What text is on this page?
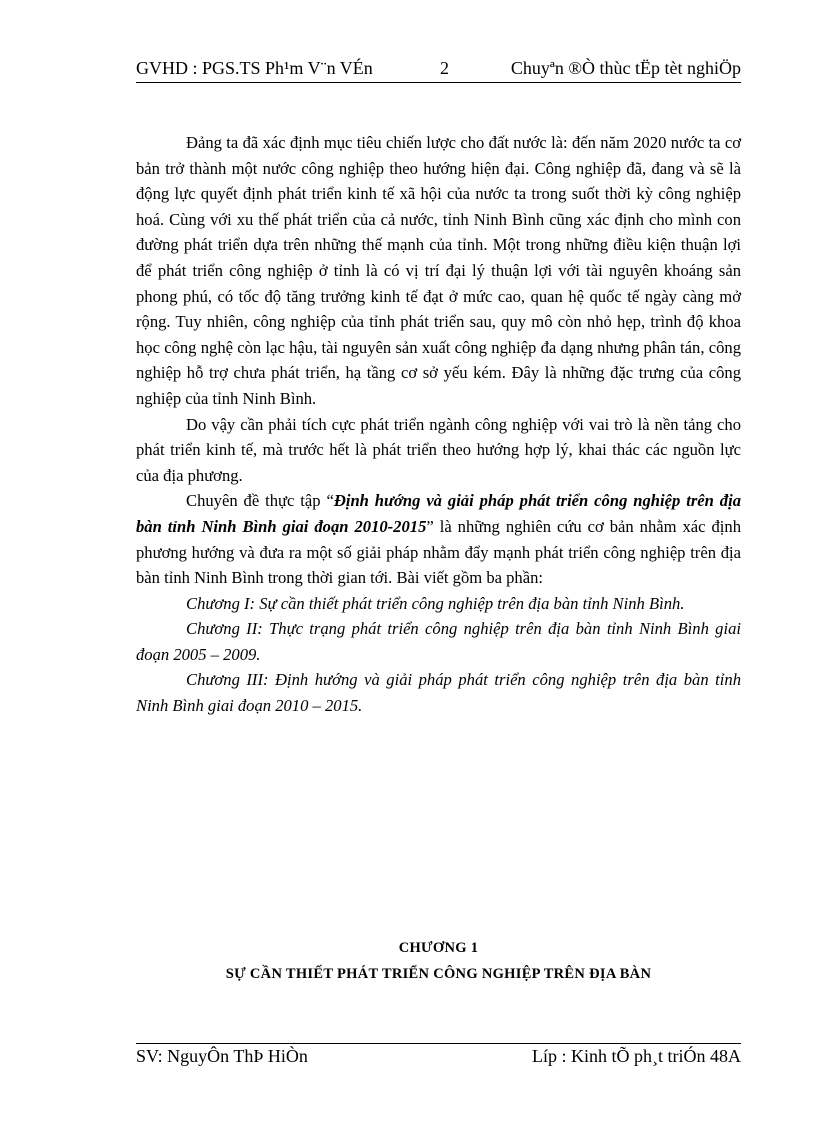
GVHD : PGS.TS Ph¹m V¨n VÉn	2	Chuyªn ®Ò thùc tËp tèt nghiÖp

Đảng ta đã xác định mục tiêu chiến lược cho đất nước là: đến năm 2020 nước ta cơ bản trở thành một nước công nghiệp theo hướng hiện đại. Công nghiệp đã, đang và sẽ là động lực quyết định phát triển kinh tế xã hội của nước ta trong suốt thời kỳ công nghiệp hoá. Cùng với xu thế phát triển của cả nước, tỉnh Ninh Bình cũng xác định cho mình con đường phát triển dựa trên những thế mạnh của tỉnh. Một trong những điều kiện thuận lợi để phát triển công nghiệp ở tỉnh là có vị trí đại lý thuận lợi với tài nguyên khoáng sản phong phú, có tốc độ tăng trưởng kinh tế đạt ở mức cao, quan hệ quốc tế ngày càng mở rộng. Tuy nhiên, công nghiệp của tỉnh phát triển sau, quy mô còn nhỏ hẹp, trình độ khoa học công nghệ còn lạc hậu, tài nguyên sản xuất công nghiệp đa dạng nhưng phân tán, công nghiệp hỗ trợ chưa phát triển, hạ tầng cơ sở yếu kém. Đây là những đặc trưng của công nghiệp của tỉnh Ninh Bình.

Do vậy cần phải tích cực phát triển ngành công nghiệp với vai trò là nền tảng cho phát triển kinh tế, mà trước hết là phát triển theo hướng hợp lý, khai thác các nguồn lực của địa phương.

Chuyên đề thực tập “Định hướng và giải pháp phát triển công nghiệp trên địa bàn tỉnh Ninh Bình giai đoạn 2010-2015” là những nghiên cứu cơ bản nhằm xác định phương hướng và đưa ra một số giải pháp nhằm đẩy mạnh phát triển công nghiệp trên địa bàn tỉnh Ninh Bình trong thời gian tới. Bài viết gồm ba phần:

Chương I: Sự cần thiết phát triển công nghiệp trên địa bàn tỉnh Ninh Bình.

Chương II: Thực trạng phát triển công nghiệp trên địa bàn tỉnh Ninh Bình giai đoạn 2005 – 2009.

Chương III: Định hướng và giải pháp phát triển công nghiệp trên địa bàn tỉnh Ninh Bình giai đoạn 2010 – 2015.

CHƯƠNG 1
SỰ CẦN THIẾT PHÁT TRIỂN CÔNG NGHIỆP TRÊN ĐỊA BÀN
SV: NguyÔn ThÞ HiÒn	Líp : Kinh tÕ ph¸t triÓn 48A
